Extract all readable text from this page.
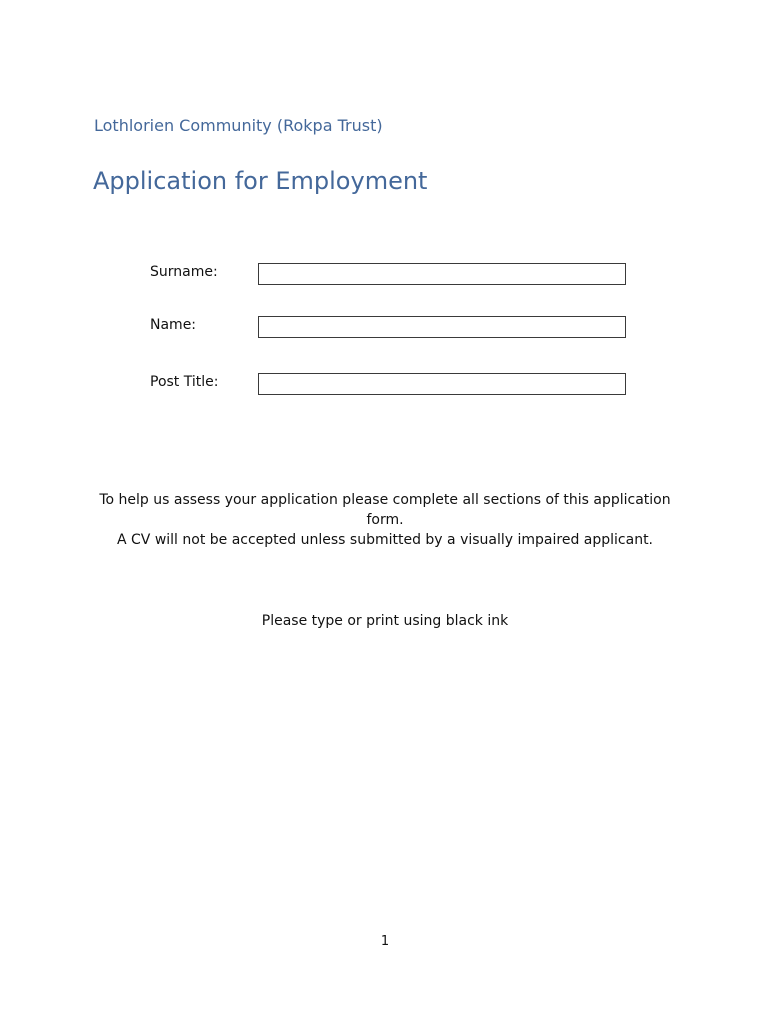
Lothlorien Community (Rokpa Trust)
Application for Employment
Surname:
Name:
Post Title:

To help us assess your application please complete all sections of this application form.

A CV will not be accepted unless submitted by a visually impaired applicant.

Please type or print using black ink
1
